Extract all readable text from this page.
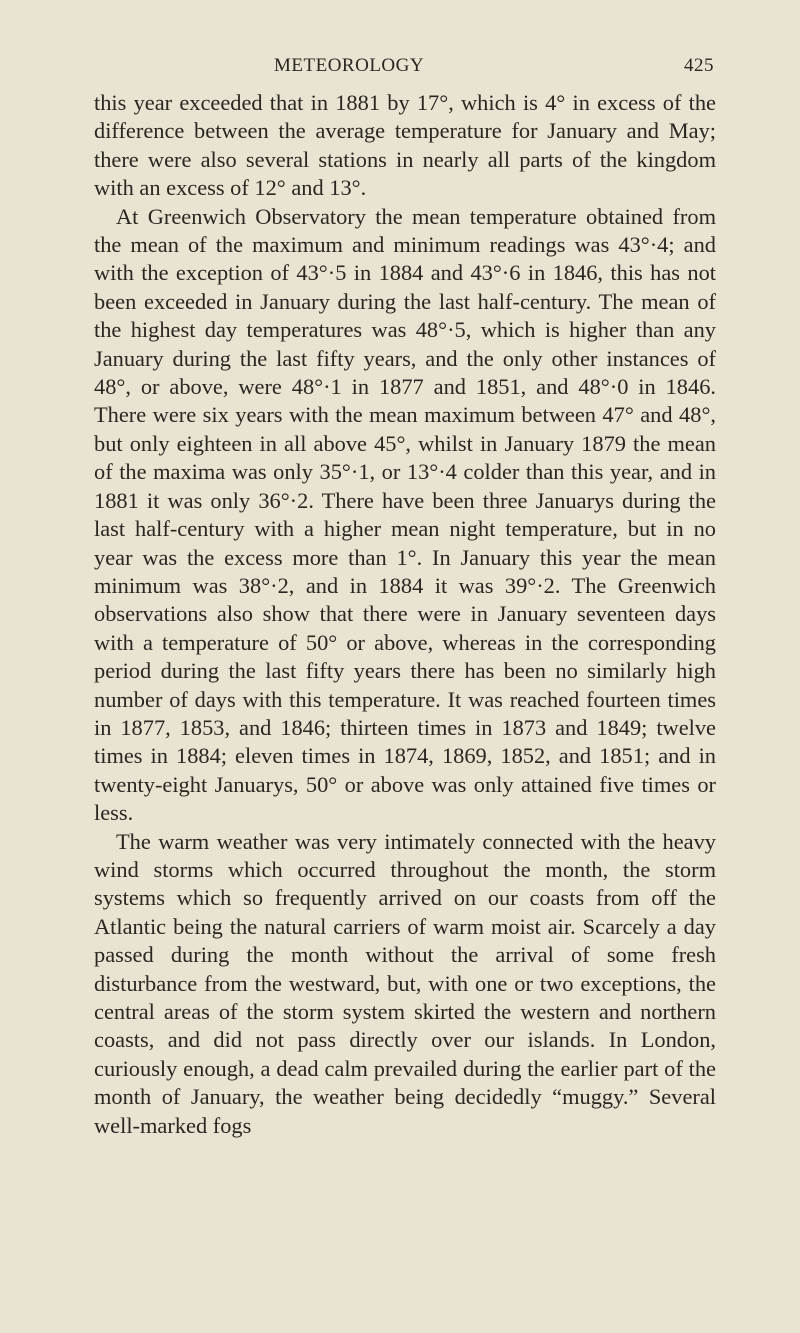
METEOROLOGY	425

this year exceeded that in 1881 by 17°, which is 4° in excess of the difference between the average temperature for January and May; there were also several stations in nearly all parts of the kingdom with an excess of 12° and 13°.

At Greenwich Observatory the mean temperature obtained from the mean of the maximum and minimum readings was 43°·4; and with the exception of 43°·5 in 1884 and 43°·6 in 1846, this has not been exceeded in January during the last half-century. The mean of the highest day temperatures was 48°·5, which is higher than any January during the last fifty years, and the only other instances of 48°, or above, were 48°·1 in 1877 and 1851, and 48°·0 in 1846. There were six years with the mean maximum between 47° and 48°, but only eighteen in all above 45°, whilst in January 1879 the mean of the maxima was only 35°·1, or 13°·4 colder than this year, and in 1881 it was only 36°·2. There have been three Januarys during the last half-century with a higher mean night temperature, but in no year was the excess more than 1°. In January this year the mean minimum was 38°·2, and in 1884 it was 39°·2. The Greenwich observations also show that there were in January seventeen days with a temperature of 50° or above, whereas in the corresponding period during the last fifty years there has been no similarly high number of days with this temperature. It was reached fourteen times in 1877, 1853, and 1846; thirteen times in 1873 and 1849; twelve times in 1884; eleven times in 1874, 1869, 1852, and 1851; and in twenty-eight Januarys, 50° or above was only attained five times or less.

The warm weather was very intimately connected with the heavy wind storms which occurred throughout the month, the storm systems which so frequently arrived on our coasts from off the Atlantic being the natural carriers of warm moist air. Scarcely a day passed during the month without the arrival of some fresh disturbance from the westward, but, with one or two exceptions, the central areas of the storm system skirted the western and northern coasts, and did not pass directly over our islands. In London, curiously enough, a dead calm prevailed during the earlier part of the month of January, the weather being decidedly “muggy.” Several well-marked fogs
